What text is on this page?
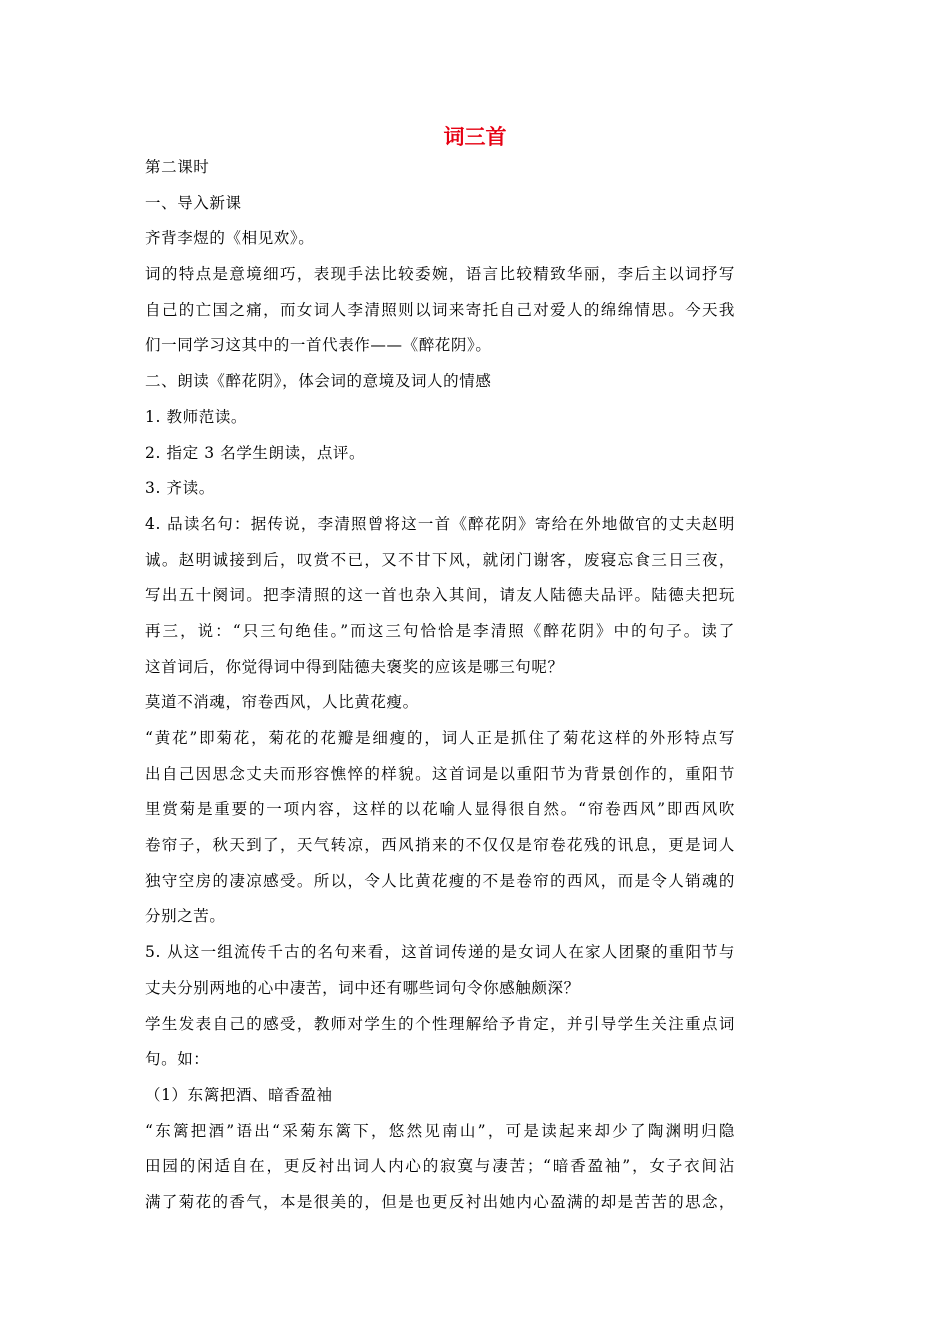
词三首
第二课时
一、导入新课
齐背李煜的《相见欢》。
词的特点是意境细巧，表现手法比较委婉，语言比较精致华丽，李后主以词抒写
自己的亡国之痛，而女词人李清照则以词来寄托自己对爱人的绵绵情思。今天我
们一同学习这其中的一首代表作——《醉花阴》。
二、朗读《醉花阴》，体会词的意境及词人的情感
1. 教师范读。
2. 指定 3 名学生朗读，点评。
3. 齐读。
4. 品读名句：据传说，李清照曾将这一首《醉花阴》寄给在外地做官的丈夫赵明
诚。赵明诚接到后，叹赏不已，又不甘下风，就闭门谢客，废寝忘食三日三夜，
写出五十阕词。把李清照的这一首也杂入其间，请友人陆德夫品评。陆德夫把玩
再三，说：“只三句绝佳。”而这三句恰恰是李清照《醉花阴》中的句子。读了
这首词后，你觉得词中得到陆德夫褒奖的应该是哪三句呢？
莫道不消魂，帘卷西风，人比黄花瘦。
“黄花”即菊花，菊花的花瓣是细瘦的，词人正是抓住了菊花这样的外形特点写
出自己因思念丈夫而形容憔悴的样貌。这首词是以重阳节为背景创作的，重阳节
里赏菊是重要的一项内容，这样的以花喻人显得很自然。“帘卷西风”即西风吹
卷帘子，秋天到了，天气转凉，西风捎来的不仅仅是帘卷花残的讯息，更是词人
独守空房的凄凉感受。所以，令人比黄花瘦的不是卷帘的西风，而是令人销魂的
分别之苦。
5. 从这一组流传千古的名句来看，这首词传递的是女词人在家人团聚的重阳节与
丈夫分别两地的心中凄苦，词中还有哪些词句令你感触颇深？
学生发表自己的感受，教师对学生的个性理解给予肯定，并引导学生关注重点词
句。如：
（1）东篱把酒、暗香盈袖
“东篱把酒”语出“采菊东篱下，悠然见南山”，可是读起来却少了陶渊明归隐
田园的闲适自在，更反衬出词人内心的寂寞与凄苦；“暗香盈袖”，女子衣间沾
满了菊花的香气，本是很美的，但是也更反衬出她内心盈满的却是苦苦的思念，
